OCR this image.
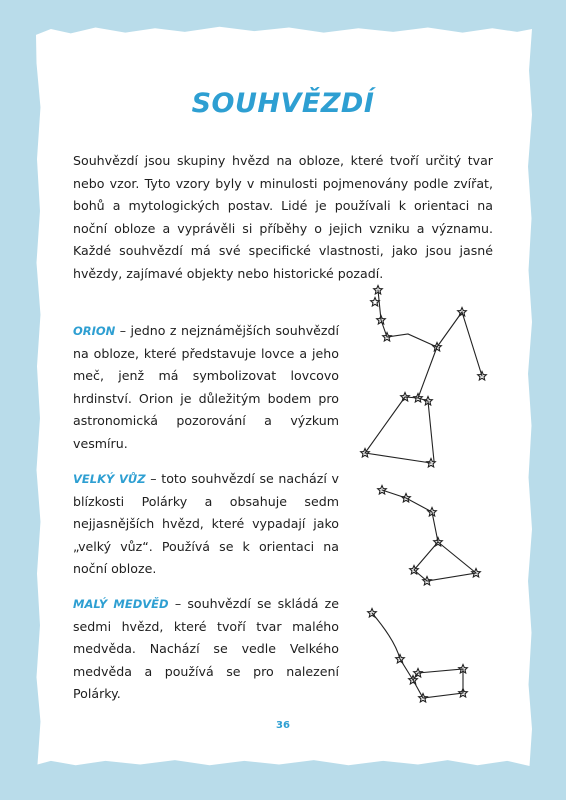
SOUHVĚZDÍ

Souhvězdí jsou skupiny hvězd na obloze, které tvoří určitý tvar nebo vzor. Tyto vzory byly v minulosti pojmenovány podle zvířat, bohů a mytologických postav. Lidé je používali k orientaci na noční obloze a vyprávěli si příběhy o jejich vzniku a významu. Každé souhvězdí má své specifické vlastnosti, jako jsou jasné hvězdy, zajímavé objekty nebo historické pozadí.

ORION – jedno z nejznámějších souhvězdí na obloze, které představuje lovce a jeho meč, jenž má symbolizovat lovcovo hrdinství. Orion je důležitým bodem pro astronomická pozorování a výzkum vesmíru.

VELKÝ VŮZ – toto souhvězdí se nachází v blízkosti Polárky a obsahuje sedm nejjasnějších hvězd, které vypadají jako „velký vůz“. Používá se k orientaci na noční obloze.

MALÝ MEDVĚD – souhvězdí se skládá ze sedmi hvězd, které tvoří tvar malého medvěda. Nachází se vedle Velkého medvěda a používá se pro nalezení Polárky.

36
